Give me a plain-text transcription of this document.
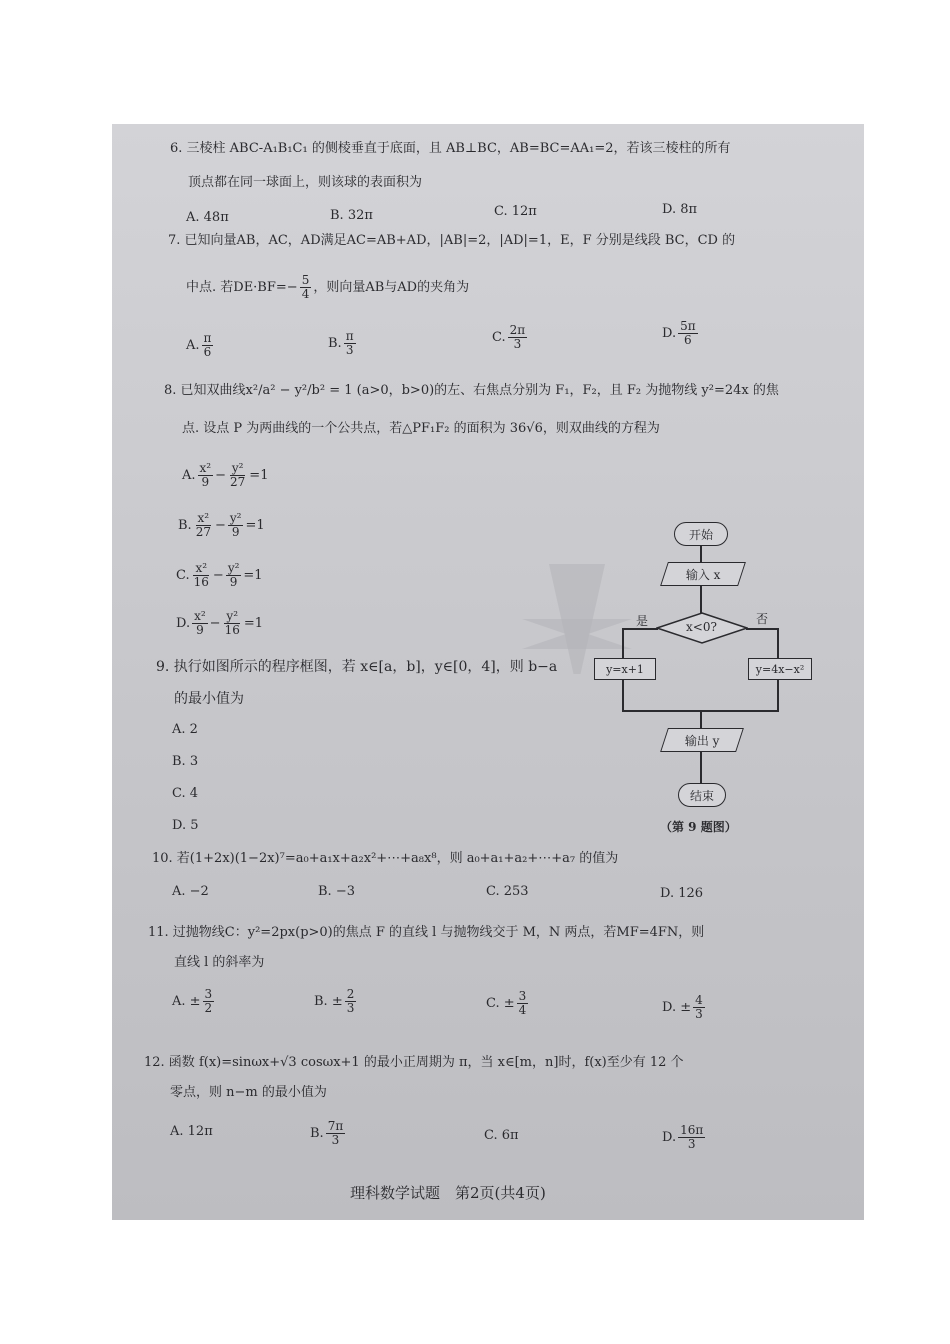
6. 三棱柱 ABC-A₁B₁C₁ 的侧棱垂直于底面，且 AB⊥BC，AB=BC=AA₁=2，若该三棱柱的所有
顶点都在同一球面上，则该球的表面积为
A. 48π	B. 32π	C. 12π	D. 8π
7. 已知向量AB，AC，AD满足AC=AB+AD，|AB|=2，|AD|=1，E，F 分别是线段 BC，CD 的
中点. 若$DE\cdot BF= - \frac{5}{4}$ ，则向量AB与AD的夹角为
A. $\frac{\pi}{6}$	B. $\frac{\pi}{3}$	C. $\frac{2\pi}{3}$	D. $\frac{5\pi}{6}$
8. 已知双曲线x²/a² − y²/b² = 1 (a>0，b>0)的左、右焦点分别为 F₁，F₂，且 F₂ 为抛物线 y²=24x 的焦
点. 设点 P 为两曲线的一个公共点，若△PF₁F₂ 的面积为 36√6，则双曲线的方程为
A. $\frac{\text{x²}}{9} - \frac{\text{y²}}{27} =1$
B. $\frac{\text{x²}}{27} - \frac{\text{y²}}{9} =1$
C. $\frac{\text{x²}}{16} - \frac{\text{y²}}{9} =1$
D. $\frac{\text{x²}}{9} - \frac{\text{y²}}{16} =1$
9. 执行如图所示的程序框图，若 x∈[a，b]，y∈[0，4]，则 b−a
的最小值为
A. 2
B. 3
C. 4
D. 5
开始
输入 x
x<0?
是	否
y=x+1	y=4x−x²
输出 y
结束
（第 9 题图）
10. 若(1+2x)(1−2x)⁷=a₀+a₁x+a₂x²+⋯+a₈x⁸，则 a₀+a₁+a₂+⋯+a₇ 的值为
A. −2	B. −3	C. 253	D. 126
11. 过抛物线C：y²=2px(p>0)的焦点 F 的直线 l 与抛物线交于 M，N 两点，若MF=4FN，则
直线 l 的斜率为
A. ± $\frac{3}{2}$	B. ± $\frac{2}{3}$	C. ± $\frac{3}{4}$	D. ± $\frac{4}{3}$
12. 函数 f(x)=sinωx+√3 cosωx+1 的最小正周期为 π，当 x∈[m，n]时，f(x)至少有 12 个
零点，则 n−m 的最小值为
A. 12π	B. $\frac{7\pi}{3}$	C. 6π	D. $\frac{16\pi}{3}$
理科数学试题　第2页(共4页)
